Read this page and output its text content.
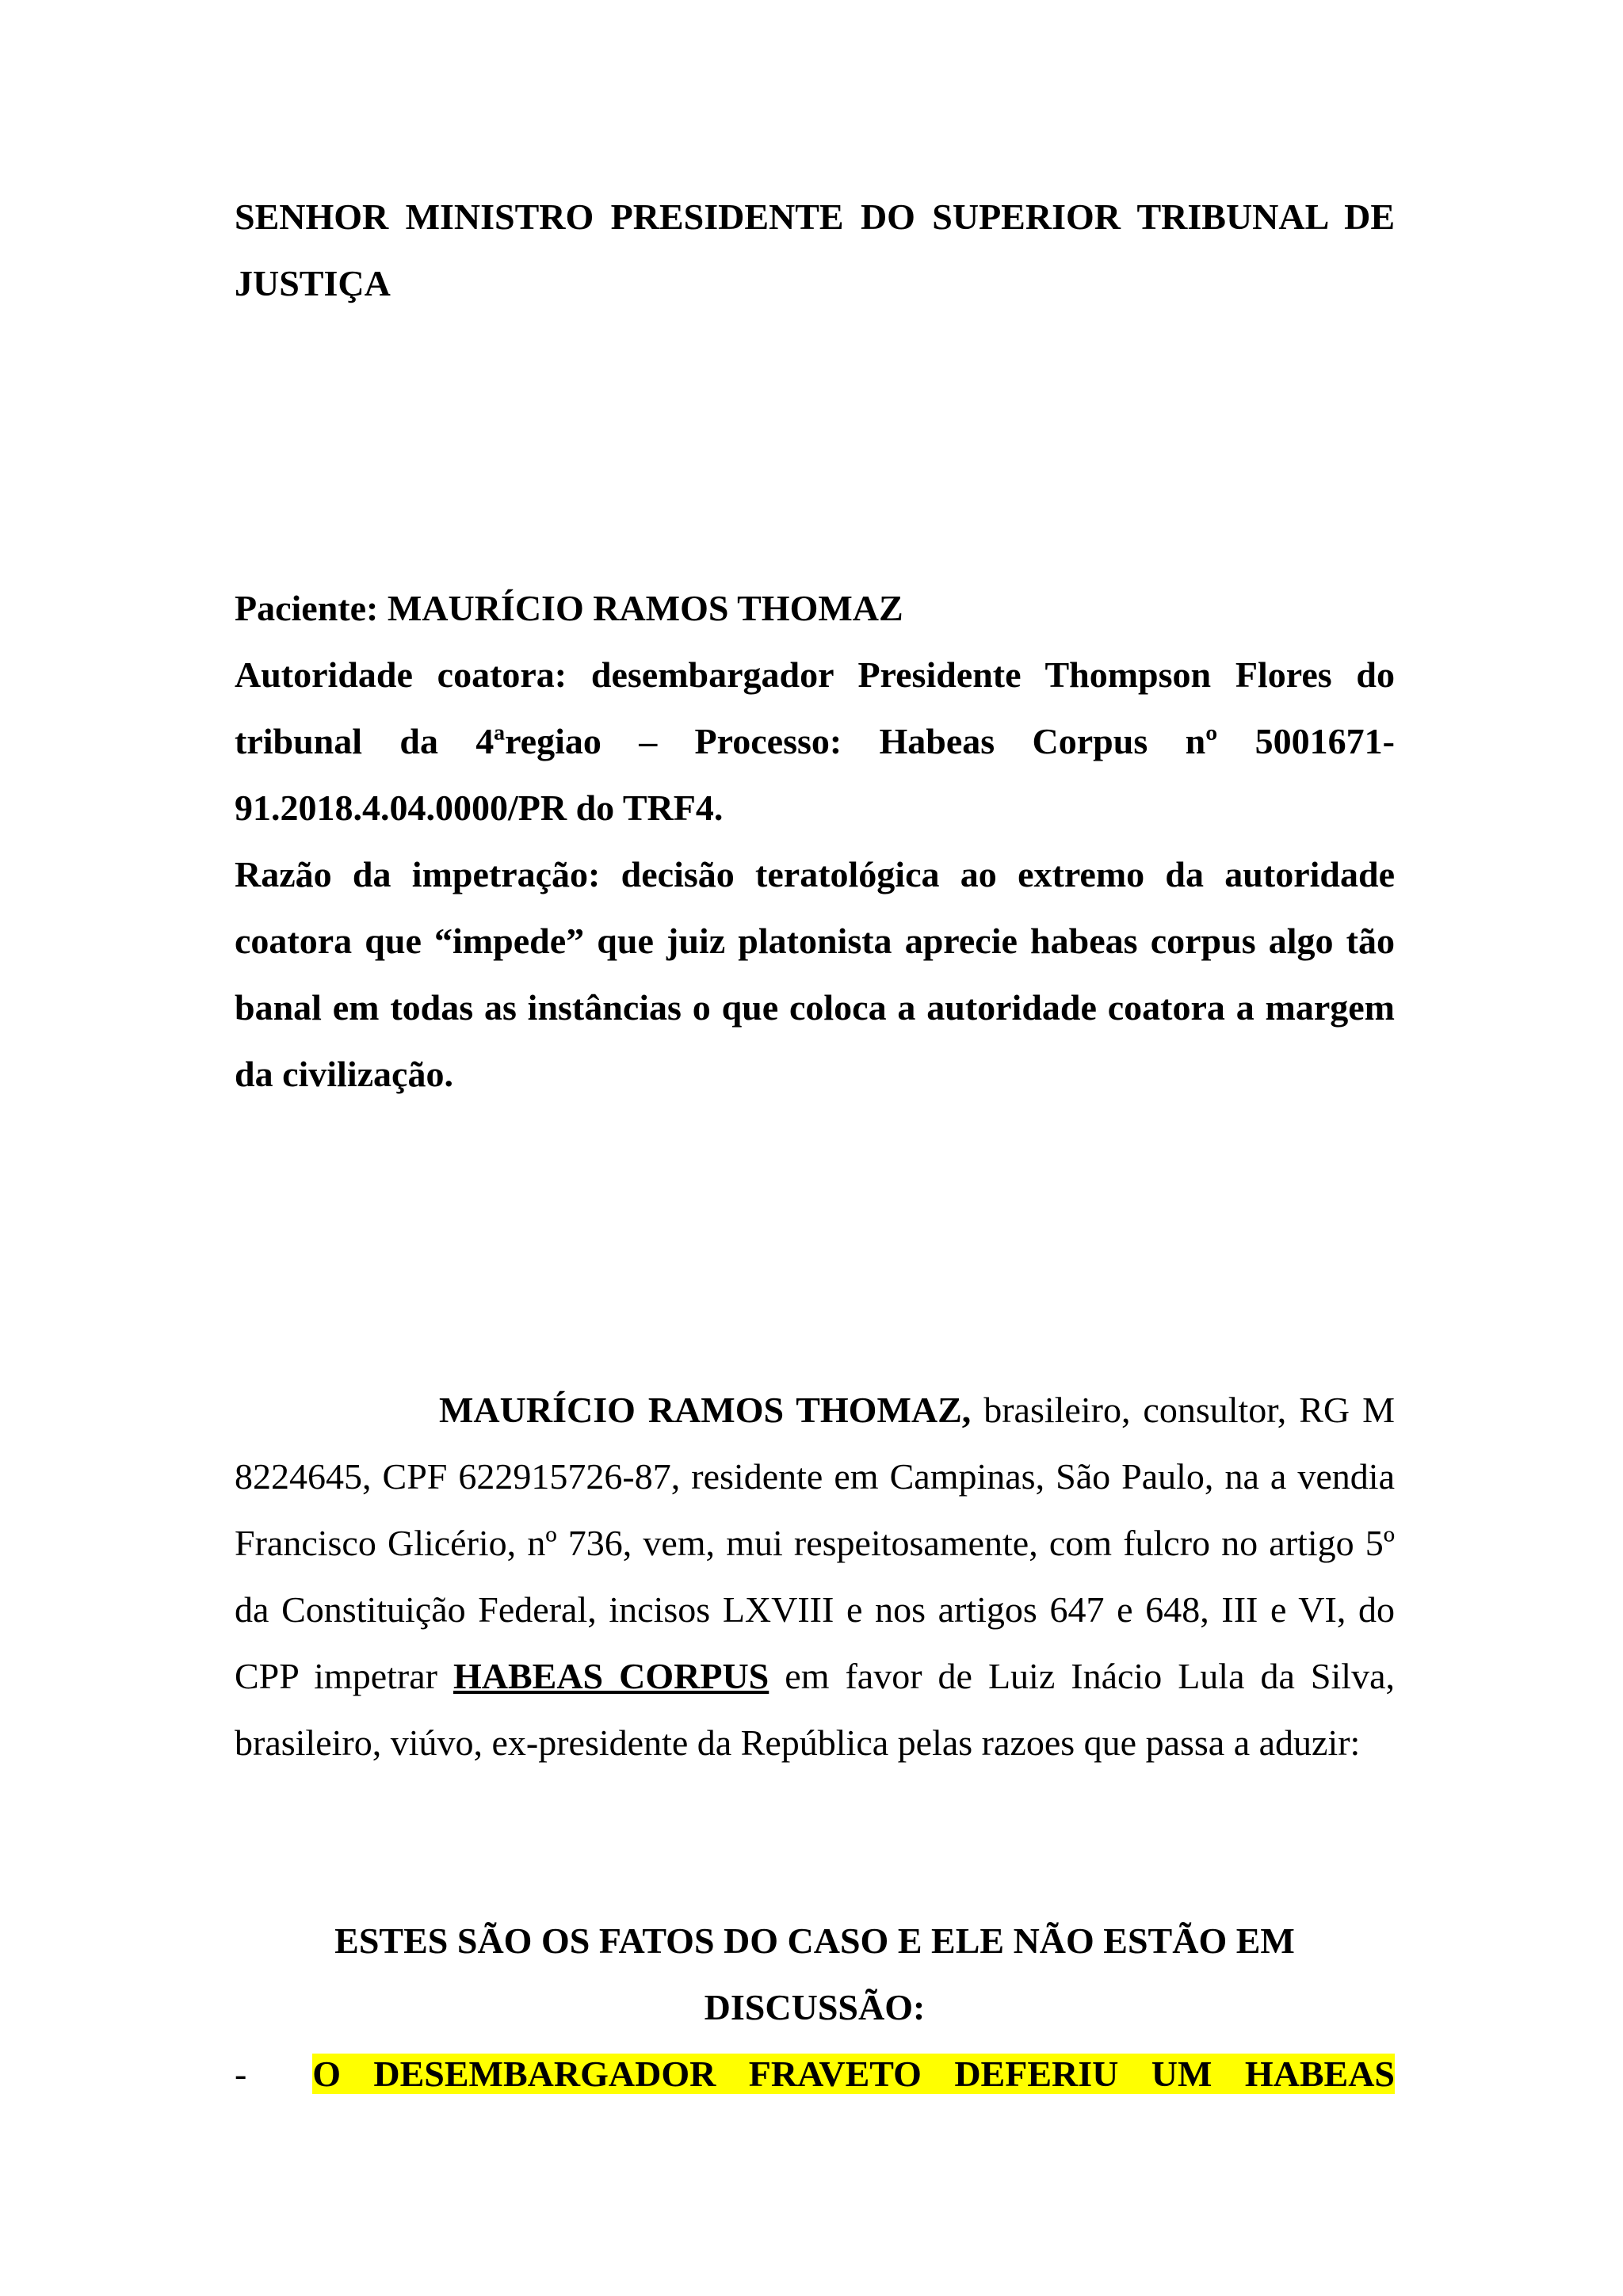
SENHOR MINISTRO PRESIDENTE DO SUPERIOR TRIBUNAL DE JUSTIÇA

Paciente: MAURÍCIO RAMOS THOMAZ

Autoridade coatora: desembargador Presidente Thompson Flores do tribunal da 4ªregiao – Processo: Habeas Corpus nº 5001671-91.2018.4.04.0000/PR do TRF4.

Razão da impetração: decisão teratológica ao extremo da autoridade coatora que “impede” que juiz platonista aprecie habeas corpus algo tão banal em todas as instâncias o que coloca a autoridade coatora a margem da civilização.

MAURÍCIO RAMOS THOMAZ, brasileiro, consultor, RG M 8224645, CPF 622915726-87, residente em Campinas, São Paulo, na a vendia Francisco Glicério, nº 736, vem, mui respeitosamente, com fulcro no artigo 5º da Constituição Federal, incisos LXVIII e nos artigos 647 e 648, III e VI, do CPP impetrar HABEAS CORPUS em favor de Luiz Inácio Lula da Silva, brasileiro, viúvo, ex-presidente da República pelas razoes que passa a aduzir:

ESTES SÃO OS FATOS DO CASO E ELE NÃO ESTÃO EM
DISCUSSÃO:
- O DESEMBARGADOR FRAVETO DEFERIU UM HABEAS
